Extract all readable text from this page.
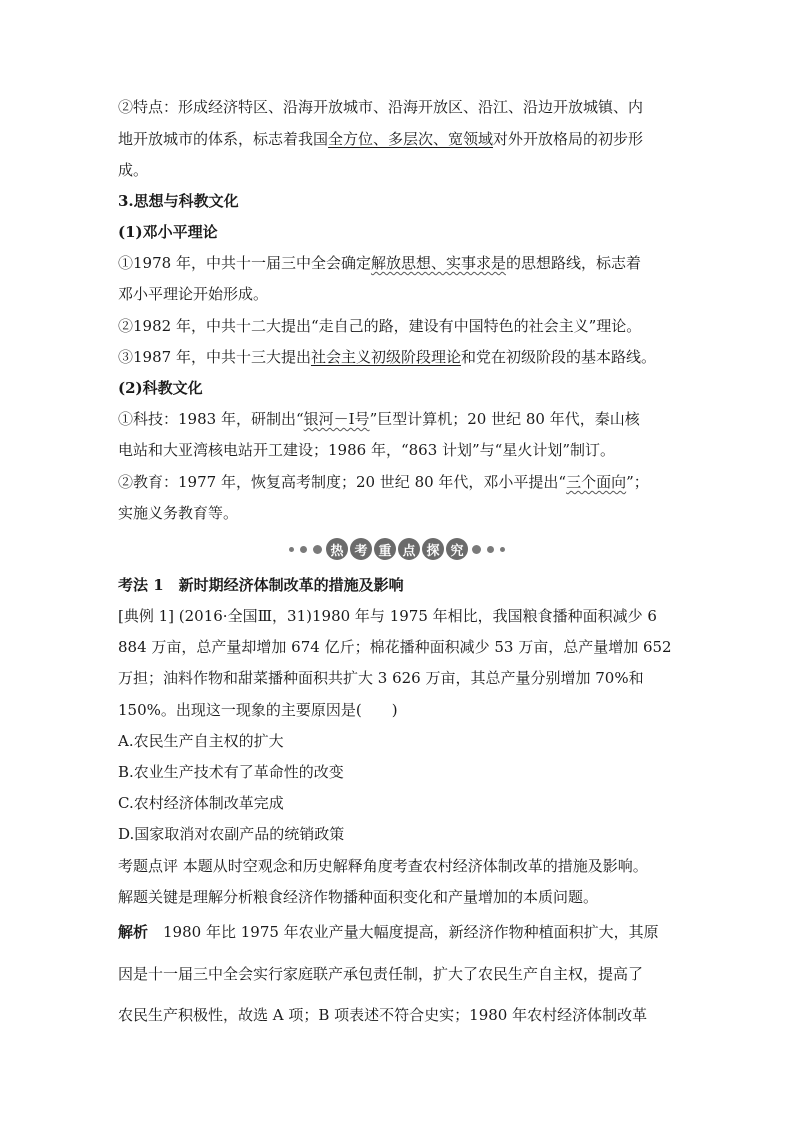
②特点：形成经济特区、沿海开放城市、沿海开放区、沿江、沿边开放城镇、内
地开放城市的体系，标志着我国全方位、多层次、宽领域对外开放格局的初步形
成。
3.思想与科教文化
(1)邓小平理论
①1978 年，中共十一届三中全会确定解放思想、实事求是的思想路线，标志着
邓小平理论开始形成。
②1982 年，中共十二大提出“走自己的路，建设有中国特色的社会主义”理论。
③1987 年，中共十三大提出社会主义初级阶段理论和党在初级阶段的基本路线。
(2)科教文化
①科技：1983 年，研制出“银河－Ⅰ号”巨型计算机；20 世纪 80 年代，秦山核
电站和大亚湾核电站开工建设；1986 年，“863 计划”与“星火计划”制订。
②教育：1977 年，恢复高考制度；20 世纪 80 年代，邓小平提出“三个面向”；
实施义务教育等。
热 考 重 点 探 究
考法 1　新时期经济体制改革的措施及影响
[典例 1] (2016·全国Ⅲ，31)1980 年与 1975 年相比，我国粮食播种面积减少 6
884 万亩，总产量却增加 674 亿斤；棉花播种面积减少 53 万亩，总产量增加 652
万担；油料作物和甜菜播种面积共扩大 3 626 万亩，其总产量分别增加 70%和
150%。出现这一现象的主要原因是(　　)
A.农民生产自主权的扩大
B.农业生产技术有了革命性的改变
C.农村经济体制改革完成
D.国家取消对农副产品的统销政策
考题点评 本题从时空观念和历史解释角度考查农村经济体制改革的措施及影响。
解题关键是理解分析粮食经济作物播种面积变化和产量增加的本质问题。
解析　1980 年比 1975 年农业产量大幅度提高，新经济作物种植面积扩大，其原
因是十一届三中全会实行家庭联产承包责任制，扩大了农民生产自主权，提高了
农民生产积极性，故选 A 项；B 项表述不符合史实；1980 年农村经济体制改革
